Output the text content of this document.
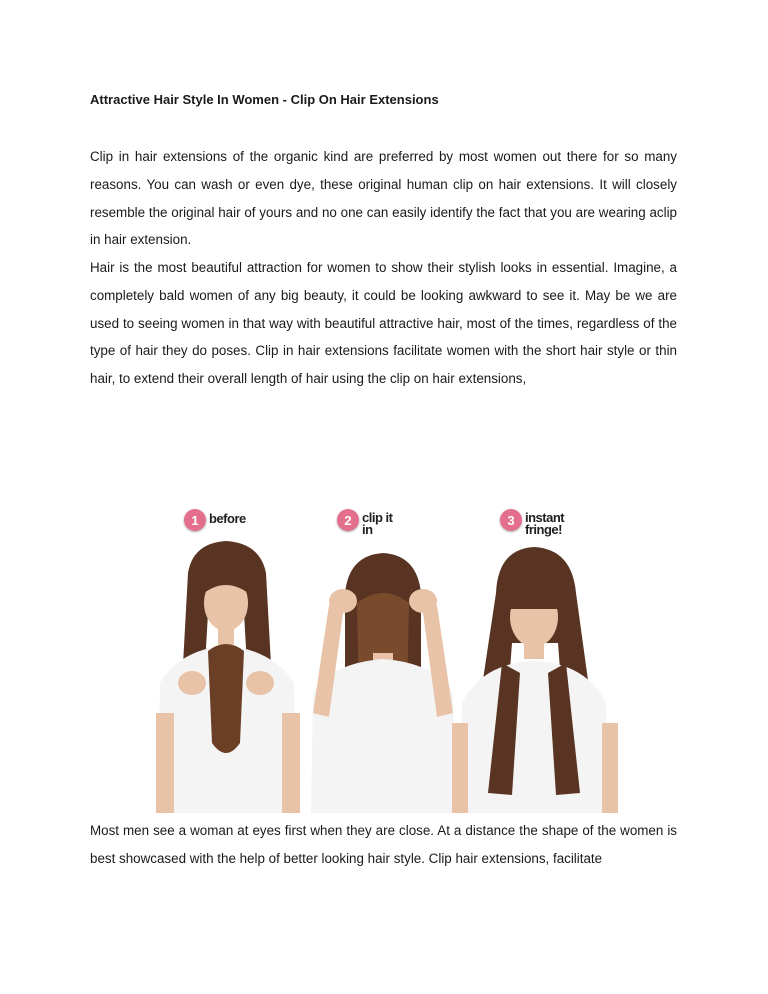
Attractive Hair Style In Women - Clip On Hair Extensions

Clip in hair extensions of the organic kind are preferred by most women out there for so many reasons. You can wash or even dye, these original human clip on hair extensions. It will closely resemble the original hair of yours and no one can easily identify the fact that you are wearing aclip in hair extension.

Hair is the most beautiful attraction for women to show their stylish looks in essential. Imagine, a completely bald women of any big beauty, it could be looking awkward to see it. May be we are used to seeing women in that way with beautiful attractive hair, most of the times, regardless of the type of hair they do poses. Clip in hair extensions facilitate women with the short hair style or thin hair, to extend their overall length of hair using the clip on hair extensions,

1 before	2 clip it in
3 instant fringe!

Most men see a woman at eyes first when they are close. At a distance the shape of the women is best showcased with the help of better looking hair style. Clip hair extensions, facilitate
